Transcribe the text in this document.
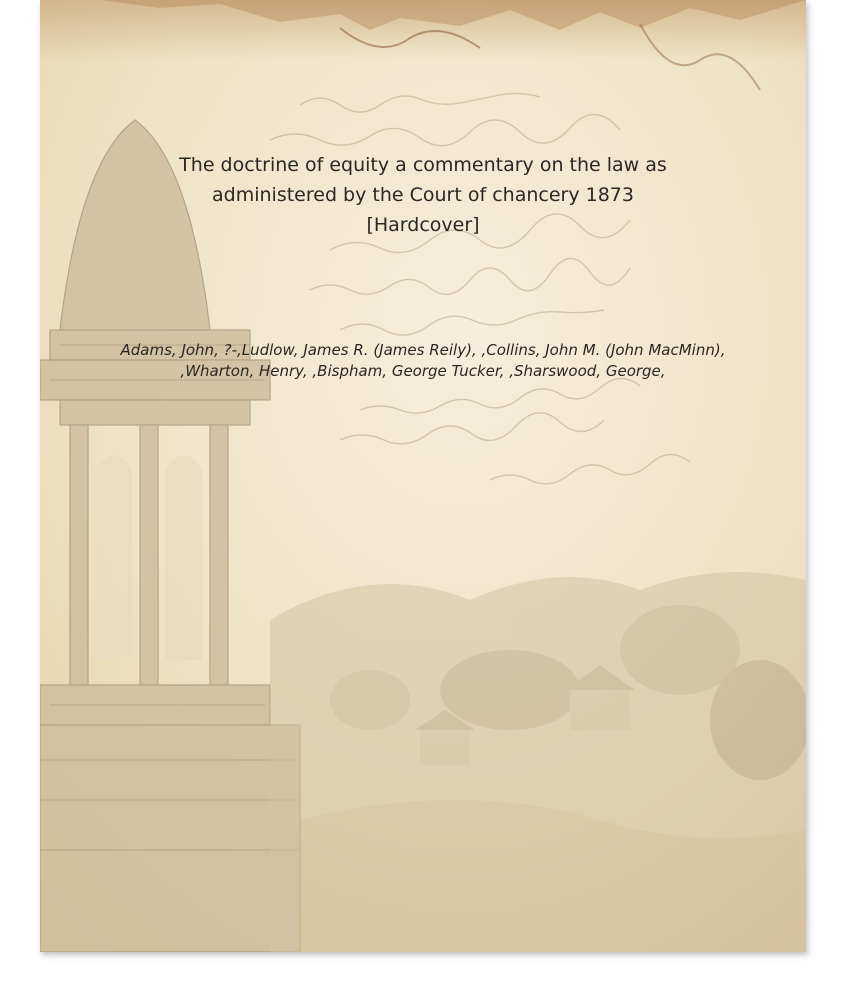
The doctrine of equity a commentary on the law as administered by the Court of chancery 1873
[Hardcover]

Adams, John, ?-,Ludlow, James R. (James Reily), ,Collins, John M. (John MacMinn), ,Wharton, Henry, ,Bispham, George Tucker, ,Sharswood, George,
